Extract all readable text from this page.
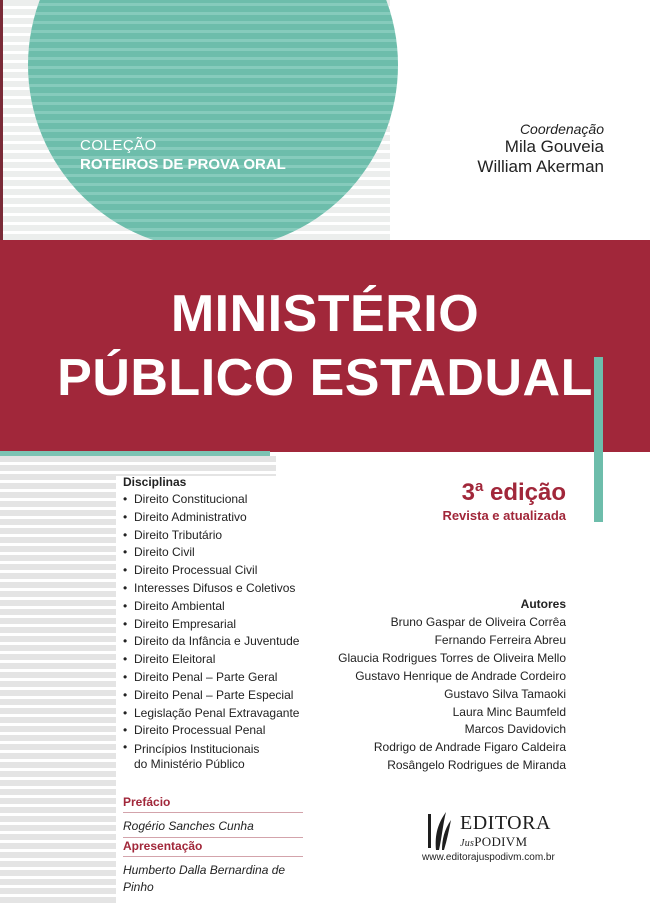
COLEÇÃO
ROTEIROS DE PROVA ORAL
Coordenação
Mila Gouveia
William Akerman
MINISTÉRIO
PÚBLICO ESTADUAL
3$^a$ edição
Revista e atualizada
Disciplinas
• Direito Constitucional
• Direito Administrativo
• Direito Tributário
• Direito Civil
• Direito Processual Civil
• Interesses Difusos e Coletivos
• Direito Ambiental
• Direito Empresarial
• Direito da Infância e Juventude
• Direito Eleitoral
• Direito Penal – Parte Geral
• Direito Penal – Parte Especial
• Legislação Penal Extravagante
• Direito Processual Penal
• Princípios Institucionais do Ministério Público
Autores
Bruno Gaspar de Oliveira Corrêa
Fernando Ferreira Abreu
Glaucia Rodrigues Torres de Oliveira Mello
Gustavo Henrique de Andrade Cordeiro
Gustavo Silva Tamaoki
Laura Minc Baumfeld
Marcos Davidovich
Rodrigo de Andrade Figaro Caldeira
Rosângelo Rodrigues de Miranda
Prefácio
Rogério Sanches Cunha
Apresentação
Humberto Dalla Bernardina de Pinho
EDITORA
JusPODIVM
www.editorajuspodivm.com.br
